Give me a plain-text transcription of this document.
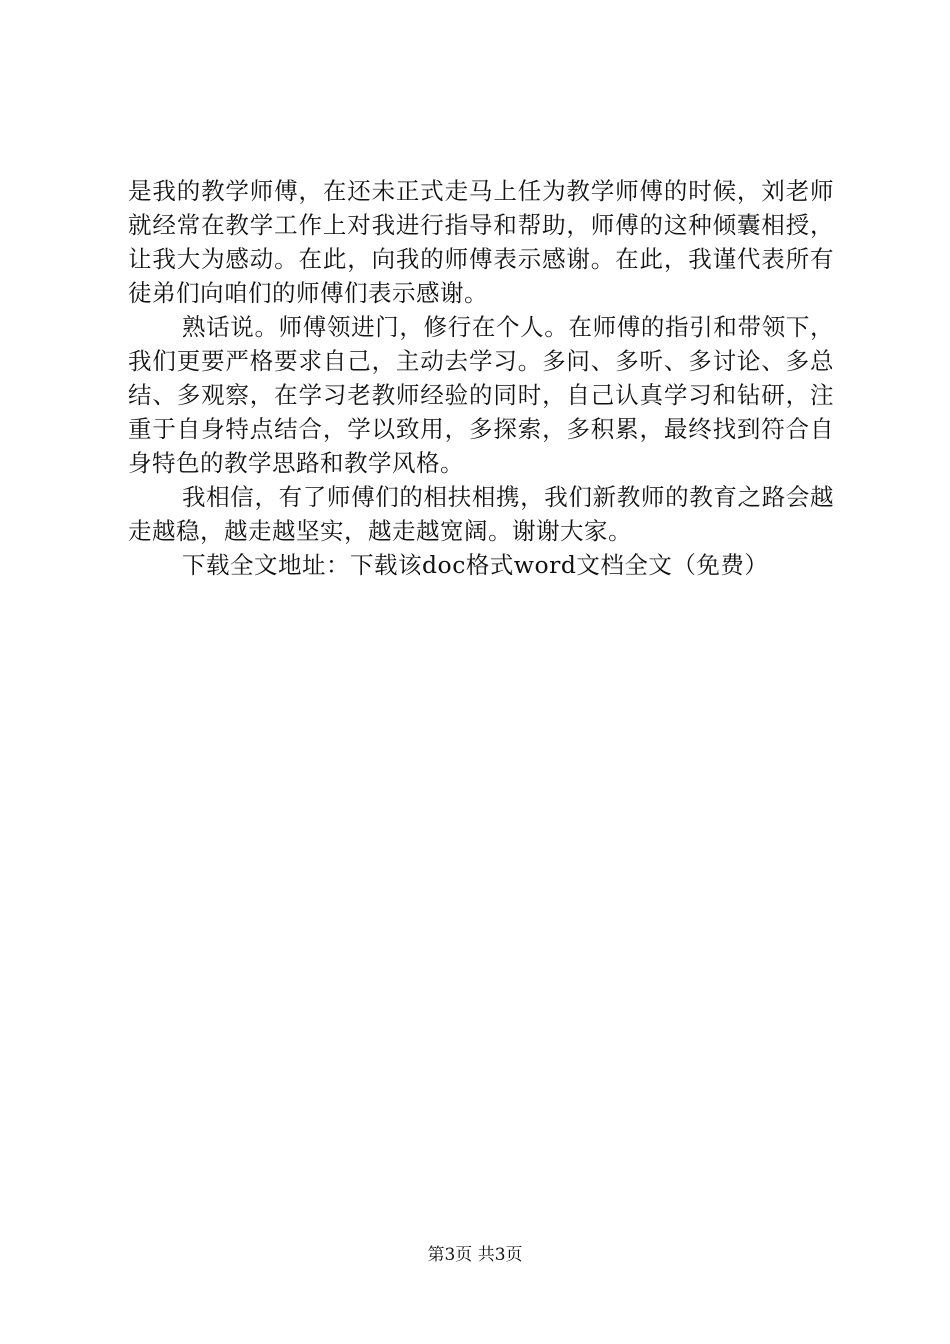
是我的教学师傅，在还未正式走马上任为教学师傅的时候，刘老师就经常在教学工作上对我进行指导和帮助，师傅的这种倾囊相授，让我大为感动。在此，向我的师傅表示感谢。在此，我谨代表所有徒弟们向咱们的师傅们表示感谢。

熟话说。师傅领进门，修行在个人。在师傅的指引和带领下，我们更要严格要求自己，主动去学习。多问、多听、多讨论、多总结、多观察，在学习老教师经验的同时，自己认真学习和钻研，注重于自身特点结合，学以致用，多探索，多积累，最终找到符合自身特色的教学思路和教学风格。

我相信，有了师傅们的相扶相携，我们新教师的教育之路会越走越稳，越走越坚实，越走越宽阔。谢谢大家。

下载全文地址：下载该doc格式word文档全文（免费）

第3页 共3页
